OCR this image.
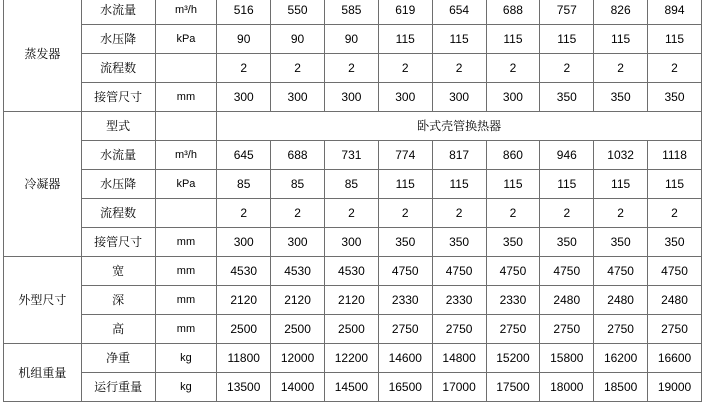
蒸发器	水流量	m³/h	516	550	585	619	654	688	757	826	894
	水压降	kPa	90	90	90	115	115	115	115	115	115
	流程数		2	2	2	2	2	2	2	2	2
	接管尺寸	mm	300	300	300	300	300	300	350	350	350
冷凝器	型式		卧式壳管换热器								
	水流量	m³/h	645	688	731	774	817	860	946	1032	1118
	水压降	kPa	85	85	85	115	115	115	115	115	115
	流程数		2	2	2	2	2	2	2	2	2
	接管尺寸	mm	300	300	300	350	350	350	350	350	350
外型尺寸	宽	mm	4530	4530	4530	4750	4750	4750	4750	4750	4750
	深	mm	2120	2120	2120	2330	2330	2330	2480	2480	2480
	高	mm	2500	2500	2500	2750	2750	2750	2750	2750	2750
机组重量	净重	kg	11800	12000	12200	14600	14800	15200	15800	16200	16600
	运行重量	kg	13500	14000	14500	16500	17000	17500	18000	18500	19000
